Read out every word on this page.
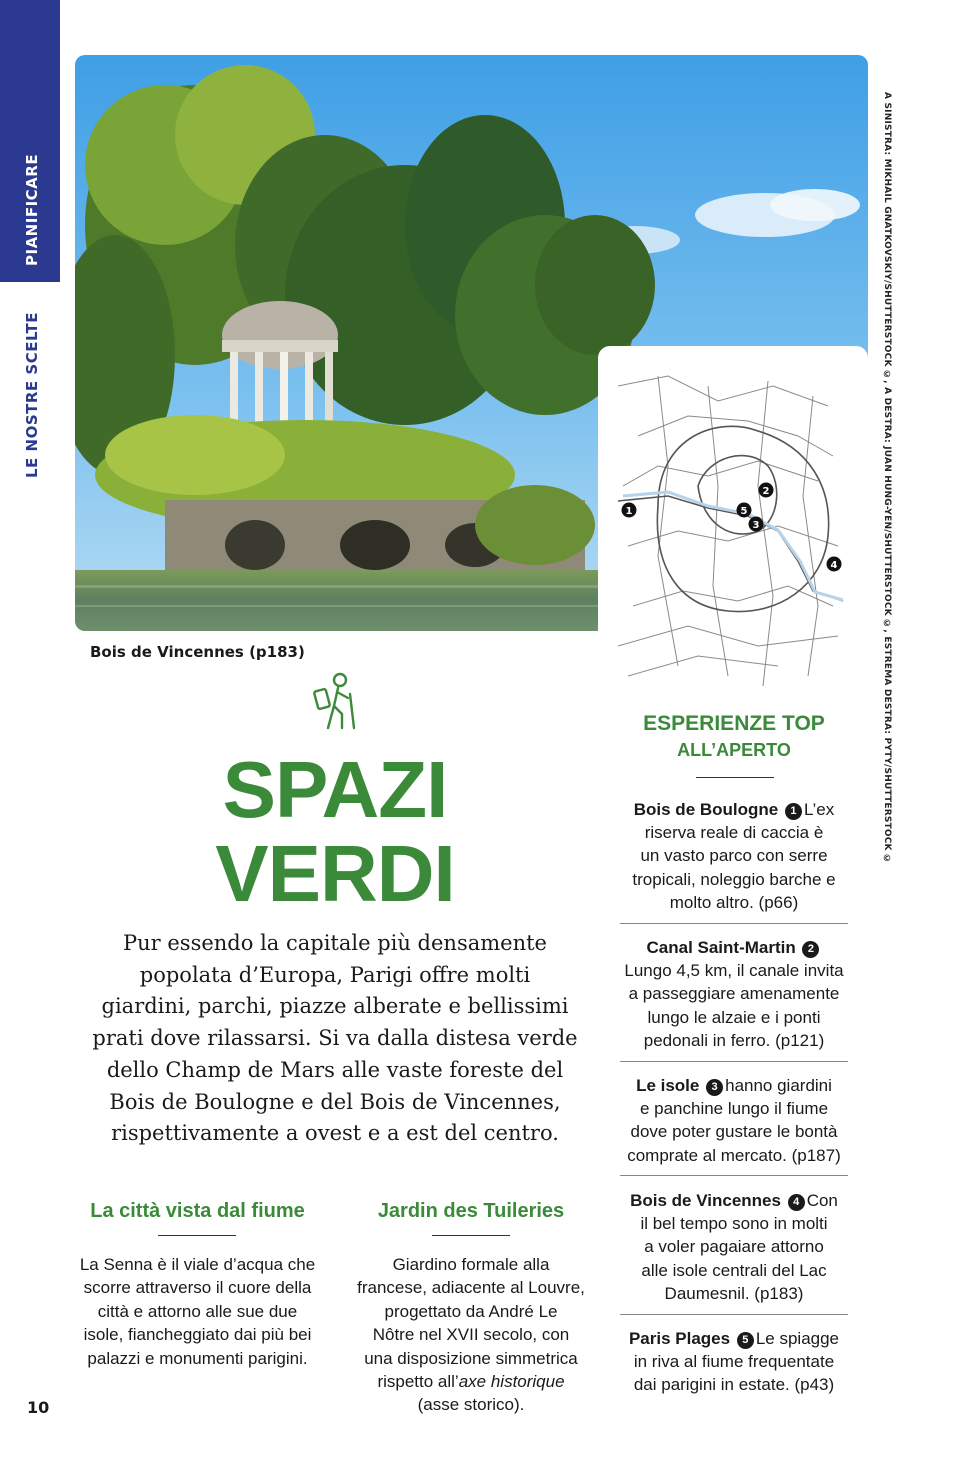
PIANIFICARE
LE NOSTRE SCELTE
1
2
3
4
5	A SINISTRA: MIKHAIL GNATKOVSKIY/SHUTTERSTOCK ©, A DESTRA: JUAN HUNG-YEN/SHUTTERSTOCK ©, ESTREMA DESTRA: PYTY/SHUTTERSTOCK ©
Bois de Vincennes (p183)
SPAZI
VERDI
Pur essendo la capitale più densamente
popolata d’Europa, Parigi offre molti
giardini, parchi, piazze alberate e bellissimi
prati dove rilassarsi. Si va dalla distesa verde
dello Champ de Mars alle vaste foreste del
Bois de Boulogne e del Bois de Vincennes,
rispettivamente a ovest e a est del centro.
La città vista dal fiume
La Senna è il viale d’acqua che
scorre attraverso il cuore della
città e attorno alle sue due
isole, fiancheggiato dai più bei
palazzi e monumenti parigini.
Jardin des Tuileries
Giardino formale alla
francese, adiacente al Louvre,
progettato da André Le
Nôtre nel XVII secolo, con
una disposizione simmetrica
rispetto all’axe historique
(asse storico).
10
ESPERIENZE TOP
ALL’APERTO
Bois de Boulogne 1 L’ex
riserva reale di caccia è
un vasto parco con serre
tropicali, noleggio barche e
molto altro. (p66)
Canal Saint-Martin 2
Lungo 4,5 km, il canale invita
a passeggiare amenamente
lungo le alzaie e i ponti
pedonali in ferro. (p121)
Le isole 3 hanno giardini
e panchine lungo il fiume
dove poter gustare le bontà
comprate al mercato. (p187)
Bois de Vincennes 4 Con
il bel tempo sono in molti
a voler pagaiare attorno
alle isole centrali del Lac
Daumesnil. (p183)
Paris Plages 5 Le spiagge
in riva al fiume frequentate
dai parigini in estate. (p43)
